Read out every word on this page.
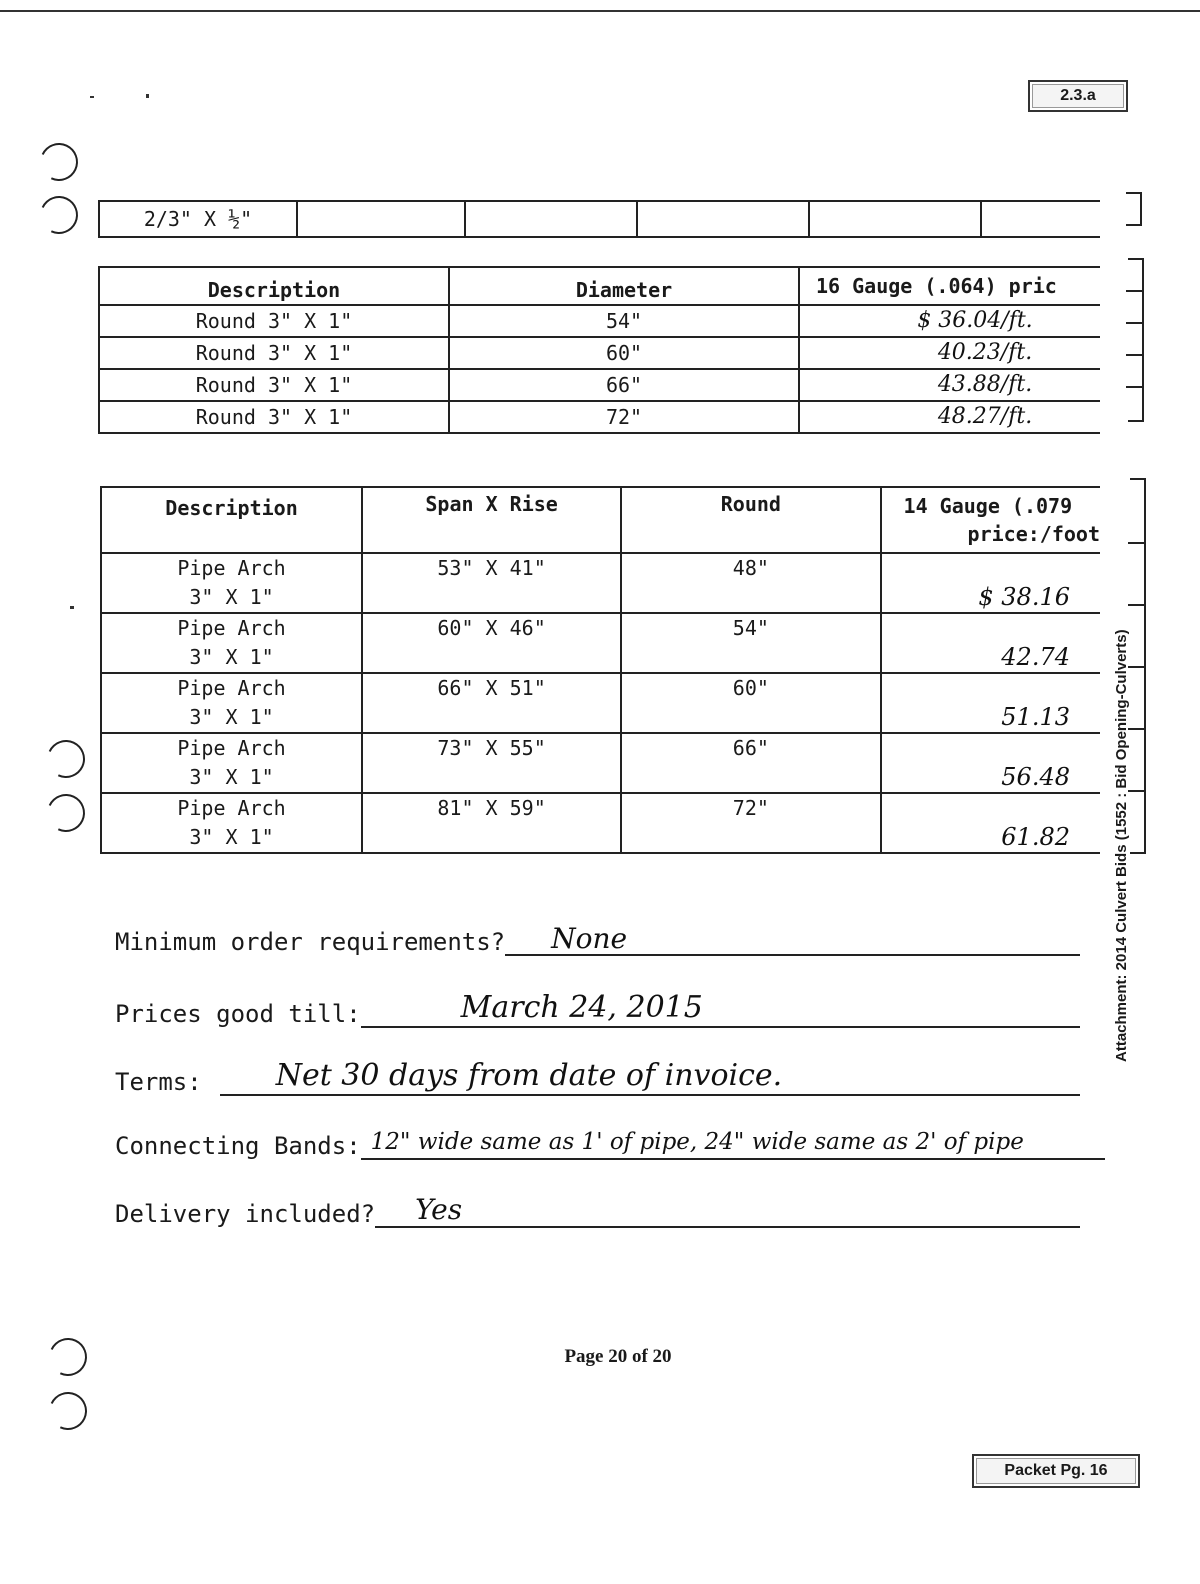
2.3.a
2/3" X ½"					
Description	Diameter	16 Gauge (.064) pric
Round 3" X 1"	54"	$ 36.04/ft.
Round 3" X 1"	60"	40.23/ft.
Round 3" X 1"	66"	43.88/ft.
Round 3" X 1"	72"	48.27/ft.
Description	Span X Rise	Round	14 Gauge (.079
price:/foot

Pipe Arch
3" X 1"	53" X 41"	48"	$ 38.16

Pipe Arch
3" X 1"	60" X 46"	54"	42.74

Pipe Arch
3" X 1"	66" X 51"	60"	51.13

Pipe Arch
3" X 1"	73" X 55"	66"	56.48

Pipe Arch
3" X 1"	81" X 59"	72"	61.82	Attachment: 2014 Culvert Bids (1552 : Bid Opening-Culverts)
Minimum order requirements?	None
Prices good till:	March 24, 2015
Terms:	Net 30 days from date of invoice.
Connecting Bands: 12" wide same as 1' of pipe, 24" wide same as 2' of pipe
Delivery included?	Yes
Page 20 of 20
Packet Pg. 16
